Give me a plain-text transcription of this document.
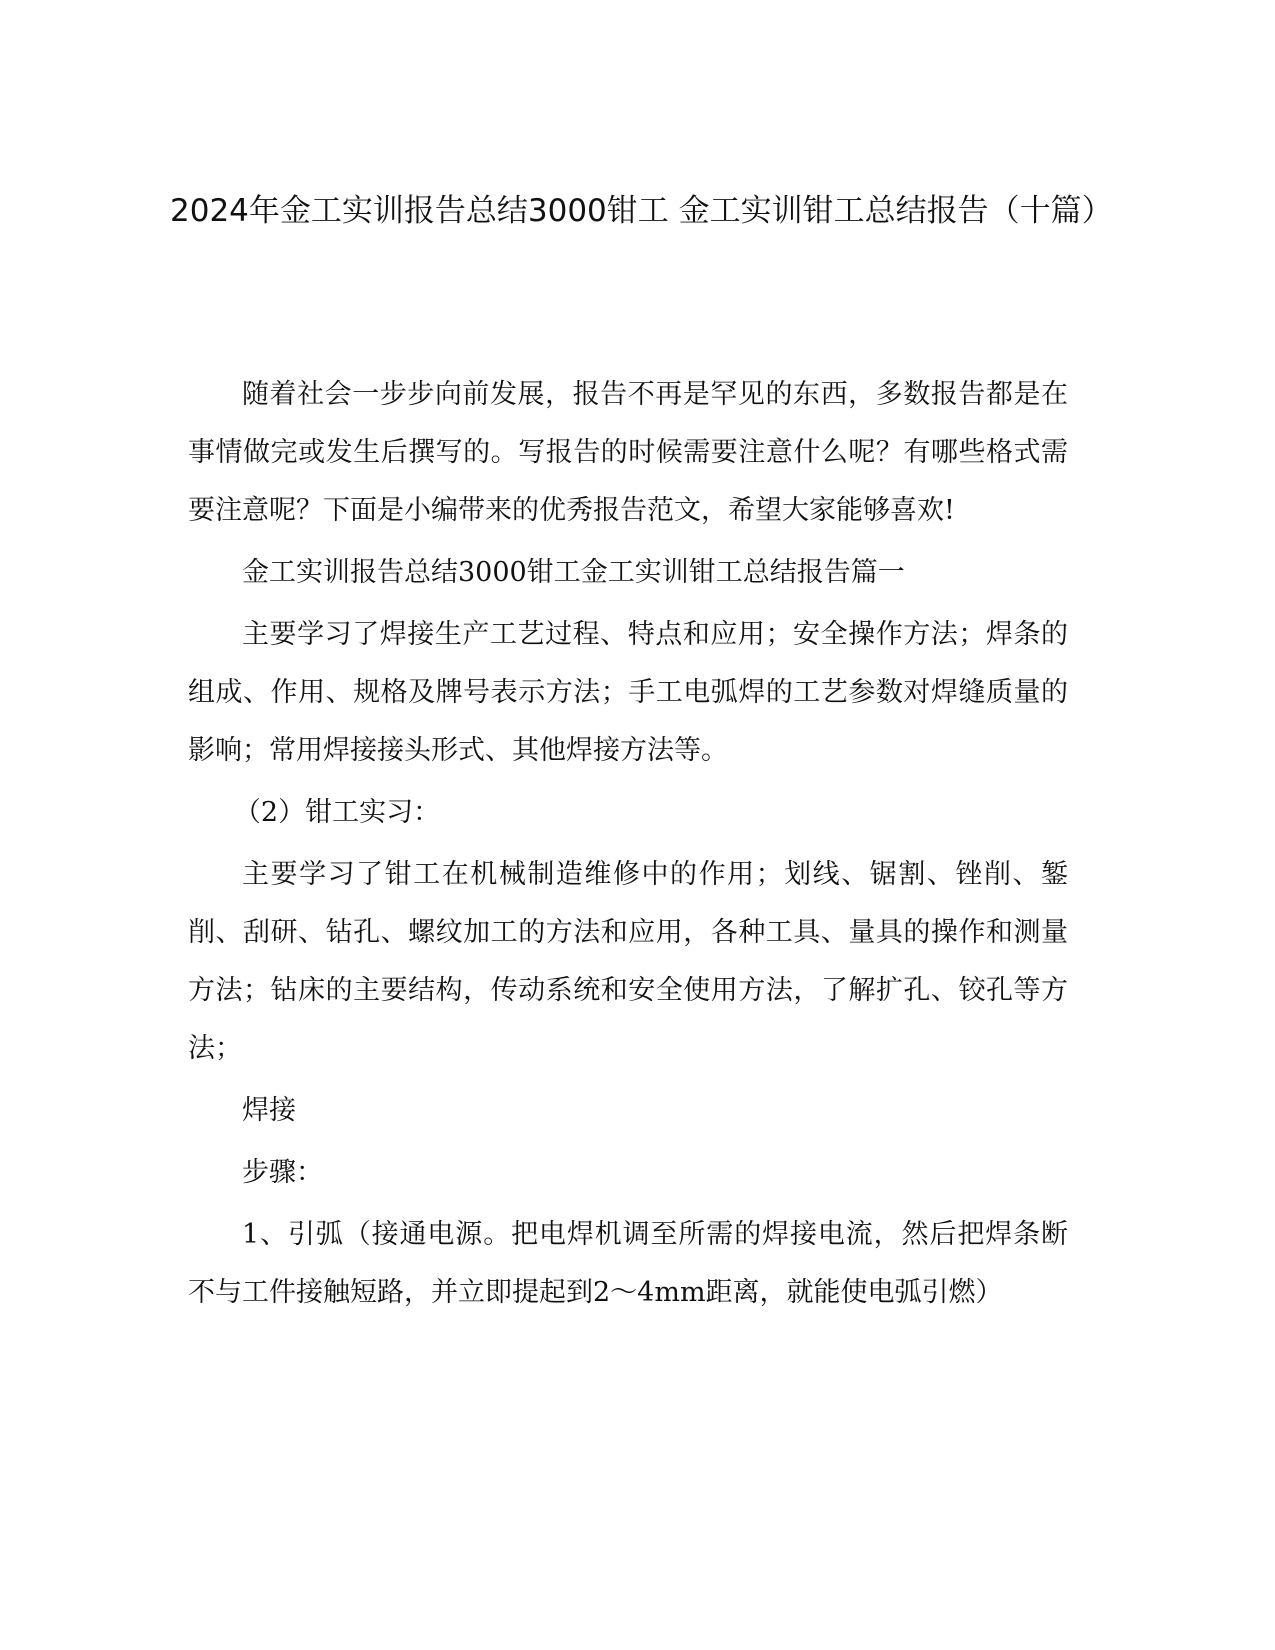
2024年金工实训报告总结3000钳工 金工实训钳工总结报告（十篇）

随着社会一步步向前发展，报告不再是罕见的东西，多数报告都是在事情做完或发生后撰写的。写报告的时候需要注意什么呢？有哪些格式需要注意呢？下面是小编带来的优秀报告范文，希望大家能够喜欢!

金工实训报告总结3000钳工金工实训钳工总结报告篇一

主要学习了焊接生产工艺过程、特点和应用；安全操作方法；焊条的组成、作用、规格及牌号表示方法；手工电弧焊的工艺参数对焊缝质量的影响；常用焊接接头形式、其他焊接方法等。

（2）钳工实习：

主要学习了钳工在机械制造维修中的作用；划线、锯割、锉削、錾削、刮研、钻孔、螺纹加工的方法和应用，各种工具、量具的操作和测量方法；钻床的主要结构，传动系统和安全使用方法，了解扩孔、铰孔等方法；

焊接

步骤：

1、引弧（接通电源。把电焊机调至所需的焊接电流，然后把焊条断不与工件接触短路，并立即提起到2～4mm距离，就能使电弧引燃）
